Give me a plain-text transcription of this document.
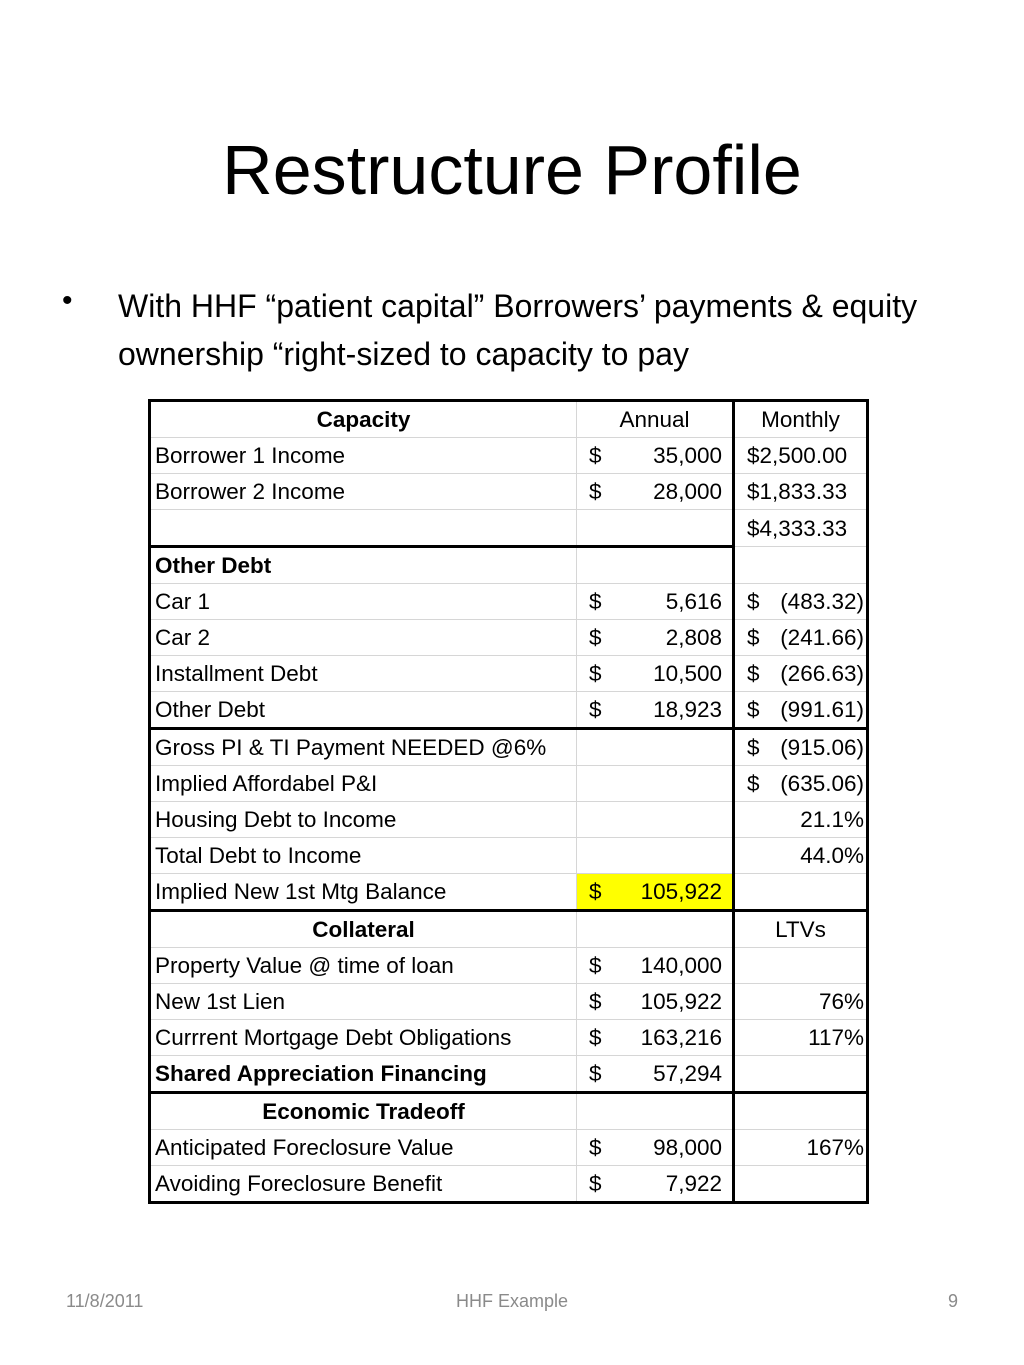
Restructure Profile
• With HHF “patient capital” Borrowers’ payments & equity ownership “right-sized to capacity to pay
Capacity	Annual	Monthly
Borrower 1 Income	$ 35,000	$ 2,500.00
Borrower 2 Income	$ 28,000	$ 1,833.33

		$ 4,333.33
Other Debt	

Car 1	$ 5,616	$ (483.32)

Car 2	$ 2,808	$ (241.66)

Installment Debt	$ 10,500	$ (266.63)

Other Debt	$ 18,923	$ (991.61)

Gross PI & TI Payment NEEDED @6%		$ (915.06)

Implied Affordabel P&I		$ (635.06)

Housing Debt to Income		21.1%
Total Debt to Income		44.0%
Implied New 1st Mtg Balance	$ 105,922	

Collateral		LTVs
Property Value @ time of loan	$ 140,000	

New 1st Lien	$ 105,922	76%
Currrent Mortgage Debt Obligations	$ 163,216	117%
Shared Appreciation Financing	$ 57,294	

Economic Tradeoff	

Anticipated Foreclosure Value	$ 98,000	167%
Avoiding Foreclosure Benefit	$ 7,922	

11/8/2011	HHF Example	9
